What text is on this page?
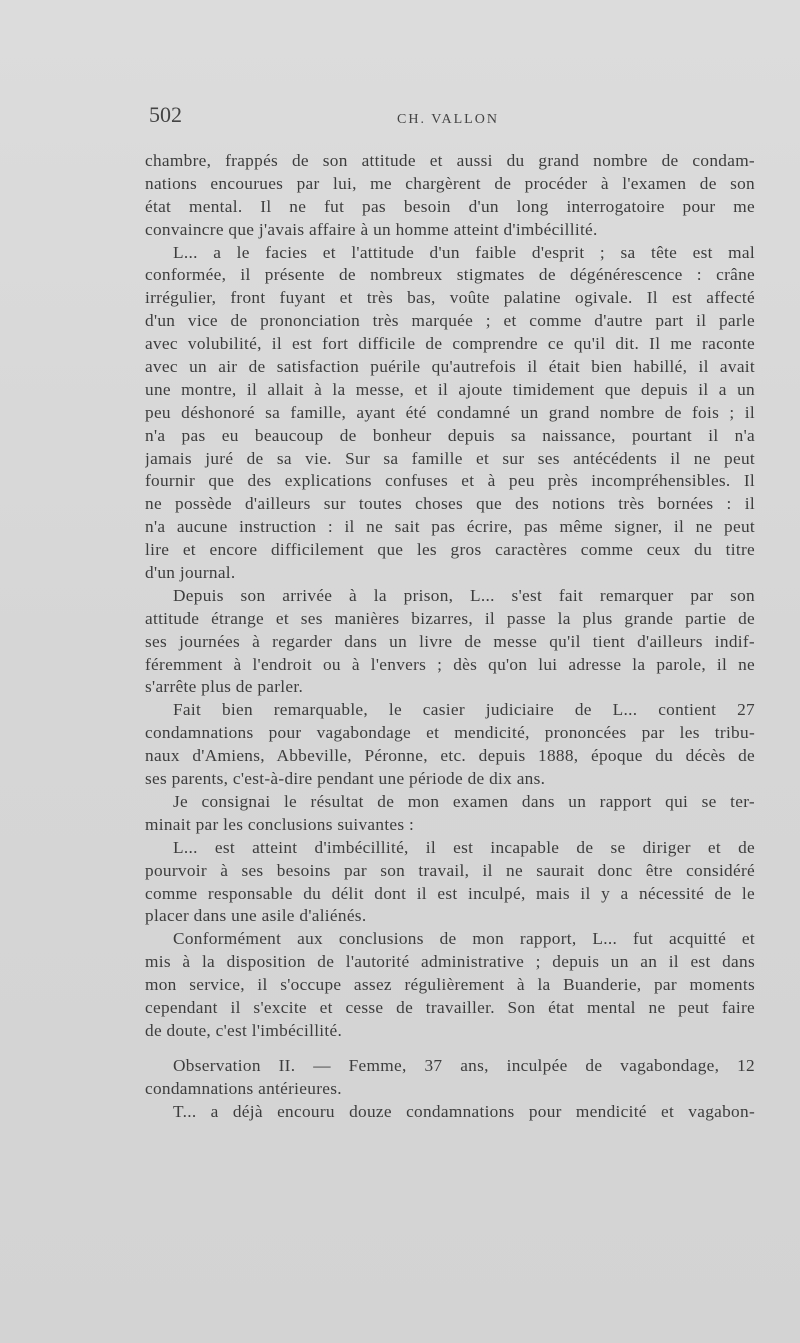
502	CH. VALLON
chambre, frappés de son attitude et aussi du grand nombre de condam-
nations encourues par lui, me chargèrent de procéder à l'examen de son
état mental. Il ne fut pas besoin d'un long interrogatoire pour me
convaincre que j'avais affaire à un homme atteint d'imbécillité.
L... a le facies et l'attitude d'un faible d'esprit ; sa tête est mal
conformée, il présente de nombreux stigmates de dégénérescence : crâne
irrégulier, front fuyant et très bas, voûte palatine ogivale. Il est affecté
d'un vice de prononciation très marquée ; et comme d'autre part il parle
avec volubilité, il est fort difficile de comprendre ce qu'il dit. Il me raconte
avec un air de satisfaction puérile qu'autrefois il était bien habillé, il avait
une montre, il allait à la messe, et il ajoute timidement que depuis il a un
peu déshonoré sa famille, ayant été condamné un grand nombre de fois ; il
n'a pas eu beaucoup de bonheur depuis sa naissance, pourtant il n'a
jamais juré de sa vie. Sur sa famille et sur ses antécédents il ne peut
fournir que des explications confuses et à peu près incompréhensibles. Il
ne possède d'ailleurs sur toutes choses que des notions très bornées : il
n'a aucune instruction : il ne sait pas écrire, pas même signer, il ne peut
lire et encore difficilement que les gros caractères comme ceux du titre
d'un journal.
Depuis son arrivée à la prison, L... s'est fait remarquer par son
attitude étrange et ses manières bizarres, il passe la plus grande partie de
ses journées à regarder dans un livre de messe qu'il tient d'ailleurs indif-
féremment à l'endroit ou à l'envers ; dès qu'on lui adresse la parole, il ne
s'arrête plus de parler.
Fait bien remarquable, le casier judiciaire de L... contient 27
condamnations pour vagabondage et mendicité, prononcées par les tribu-
naux d'Amiens, Abbeville, Péronne, etc. depuis 1888, époque du décès de
ses parents, c'est-à-dire pendant une période de dix ans.
Je consignai le résultat de mon examen dans un rapport qui se ter-
minait par les conclusions suivantes :
L... est atteint d'imbécillité, il est incapable de se diriger et de
pourvoir à ses besoins par son travail, il ne saurait donc être considéré
comme responsable du délit dont il est inculpé, mais il y a nécessité de le
placer dans une asile d'aliénés.
Conformément aux conclusions de mon rapport, L... fut acquitté et
mis à la disposition de l'autorité administrative ; depuis un an il est dans
mon service, il s'occupe assez régulièrement à la Buanderie, par moments
cependant il s'excite et cesse de travailler. Son état mental ne peut faire
de doute, c'est l'imbécillité.
Observation II. — Femme, 37 ans, inculpée de vagabondage, 12
condamnations antérieures.
T... a déjà encouru douze condamnations pour mendicité et vagabon-
